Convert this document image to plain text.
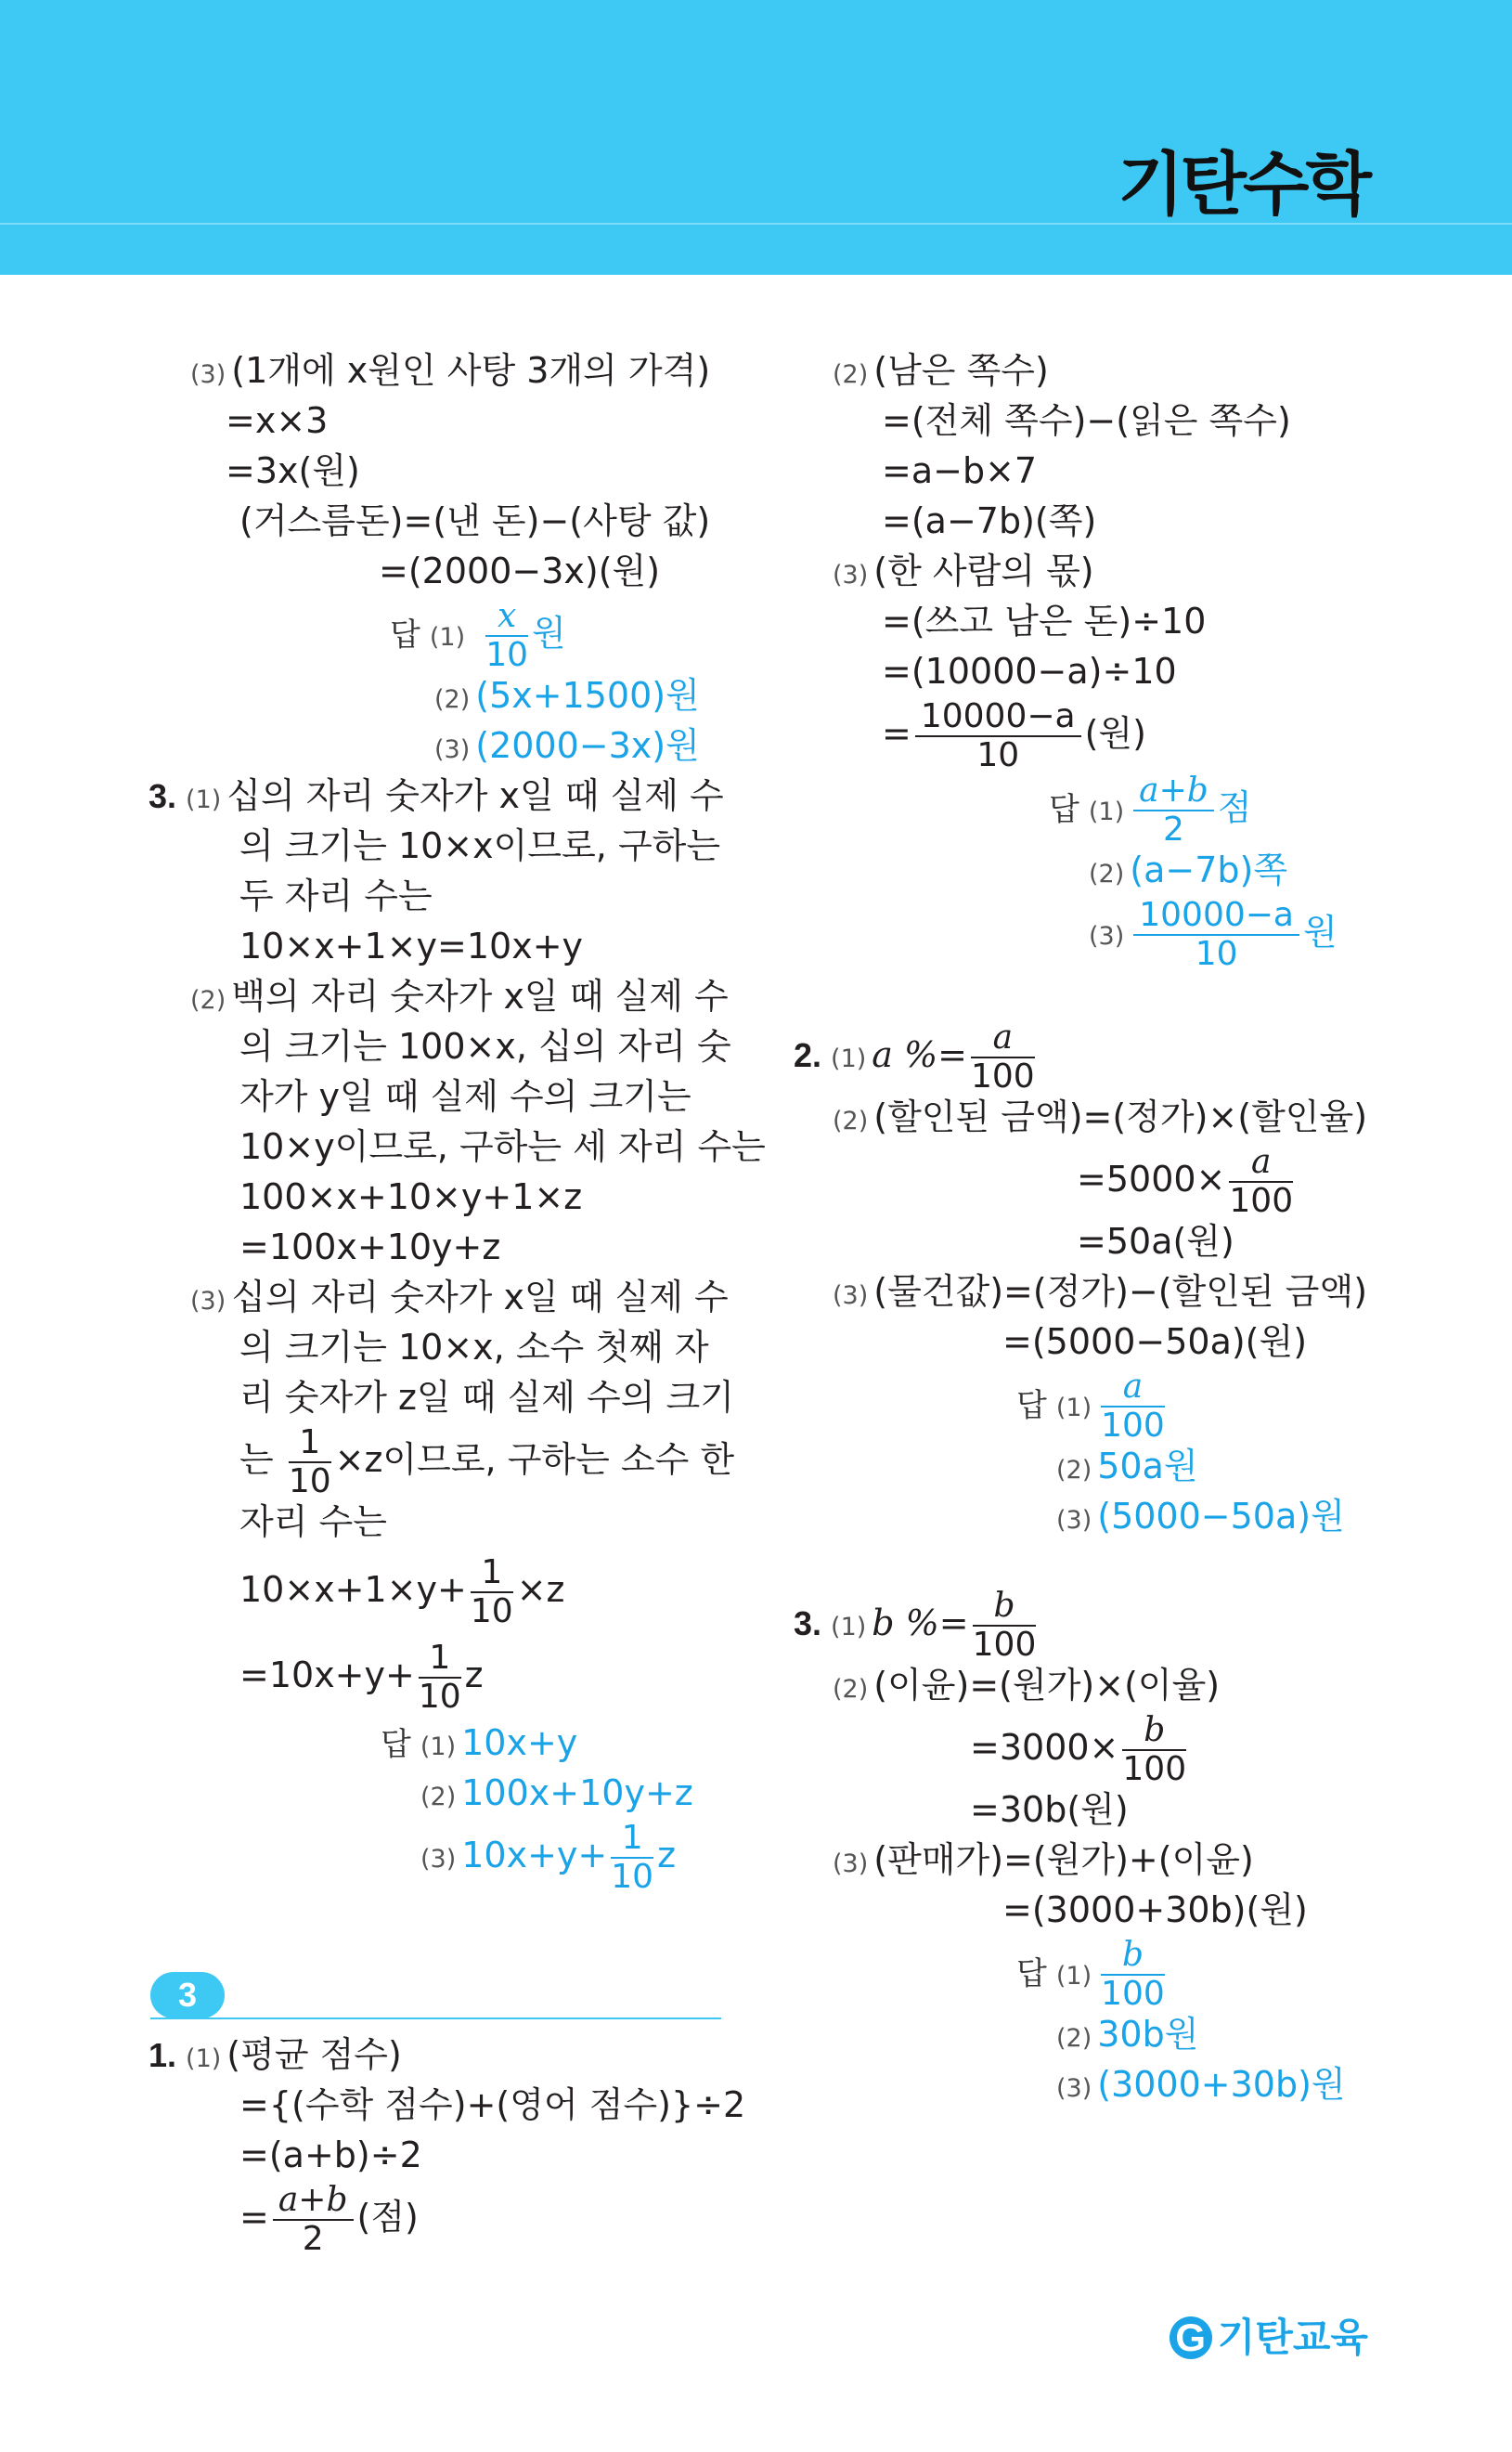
기탄수학
(3) (1개에 x원인 사탕 3개의 가격)
=x×3
=3x(원)
(거스름돈)=(낸 돈)−(사탕 값)
=(2000−3x)(원)
답 $(1) \frac{x}{10}$ 원
(2) (5x+1500)원
(3) (2000−3x)원
3. (1) 십의 자리 숫자가 x일 때 실제 수
의 크기는 10×x이므로, 구하는
두 자리 수는
10×x+1×y=10x+y
(2) 백의 자리 숫자가 x일 때 실제 수
의 크기는 100×x, 십의 자리 숫
자가 y일 때 실제 수의 크기는
10×y이므로, 구하는 세 자리 수는
100×x+10×y+1×z
=100x+10y+z
(3) 십의 자리 숫자가 x일 때 실제 수
의 크기는 10×x, 소수 첫째 자
리 숫자가 z일 때 실제 수의 크기
는 $\frac{1}{10} \times z$이므로, 구하는 소수 한
자리 수는
$10\times x+1\times y+ \frac{1}{10} \times z$
$=10x+y+ \frac{1}{10}$ z
답 (1) 10x+y
(2) 100x+10y+z
(3) $10x+y+ \frac{1}{10}$ z
3
1. (1) (평균 점수)
={(수학 점수)+(영어 점수)}÷2
=(a+b)÷2
= $\frac{a+b}{2}$ (점)
(2) (남은 쪽수)
=(전체 쪽수)−(읽은 쪽수)
=a−b×7
=(a−7b)(쪽)
(3) (한 사람의 몫)
=(쓰고 남은 돈)÷10
=(10000−a)÷10
= $\frac{10000-a}{10}$ (원)
답 $(1) \frac{a+b}{2}$ 점
(2) (a−7b)쪽
$(3) \frac{10000-a}{10}$ 원
2. (1) a %= $\frac{a}{100}$
(2) (할인된 금액)=(정가)×(할인율)
$=5000\times \frac{a}{100}$
=50a(원)
(3) (물건값)=(정가)−(할인된 금액)
=(5000−50a)(원)
답 $(1) \frac{a}{100}$
(2) 50a원
(3) (5000−50a)원
3. (1) b %= $\frac{b}{100}$
(2) (이윤)=(원가)×(이율)
$=3000\times \frac{b}{100}$
=30b(원)
(3) (판매가)=(원가)+(이윤)
=(3000+30b)(원)
답 $(1) \frac{b}{100}$
(2) 30b원
(3) (3000+30b)원
G 기탄교육
